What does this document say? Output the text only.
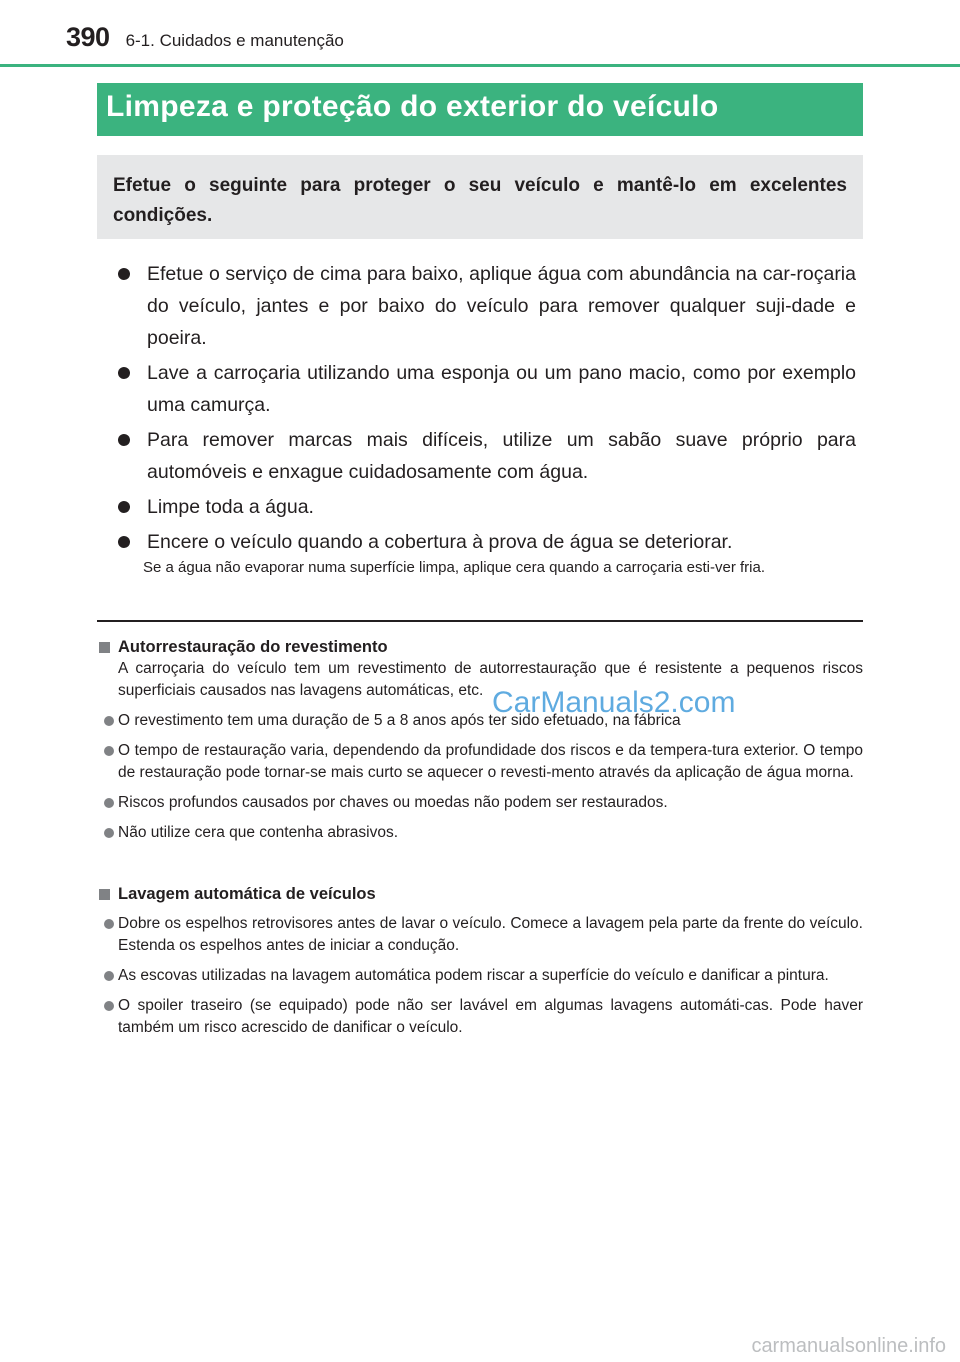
390 6-1. Cuidados e manutenção
Limpeza e proteção do exterior do veículo
Efetue o seguinte para proteger o seu veículo e mantê-lo em excelentes condições.
Efetue o serviço de cima para baixo, aplique água com abundância na car-roçaria do veículo, jantes e por baixo do veículo para remover qualquer suji-dade e poeira.
Lave a carroçaria utilizando uma esponja ou um pano macio, como por exemplo uma camurça.
Para remover marcas mais difíceis, utilize um sabão suave próprio para automóveis e enxague cuidadosamente com água.
Limpe toda a água.
Encere o veículo quando a cobertura à prova de água se deteriorar.
Se a água não evaporar numa superfície limpa, aplique cera quando a carroçaria esti-ver fria.
Autorrestauração do revestimento
A carroçaria do veículo tem um revestimento de autorrestauração que é resistente a pequenos riscos superficiais causados nas lavagens automáticas, etc.
O revestimento tem uma duração de 5 a 8 anos após ter sido efetuado, na fábrica
O tempo de restauração varia, dependendo da profundidade dos riscos e da tempera-tura exterior. O tempo de restauração pode tornar-se mais curto se aquecer o revesti-mento através da aplicação de água morna.
Riscos profundos causados por chaves ou moedas não podem ser restaurados.
Não utilize cera que contenha abrasivos.
Lavagem automática de veículos
Dobre os espelhos retrovisores antes de lavar o veículo. Comece a lavagem pela parte da frente do veículo. Estenda os espelhos antes de iniciar a condução.
As escovas utilizadas na lavagem automática podem riscar a superfície do veículo e danificar a pintura.
O spoiler traseiro (se equipado) pode não ser lavável em algumas lavagens automáti-cas. Pode haver também um risco acrescido de danificar o veículo.
CarManuals2.com
carmanualsonline.info
